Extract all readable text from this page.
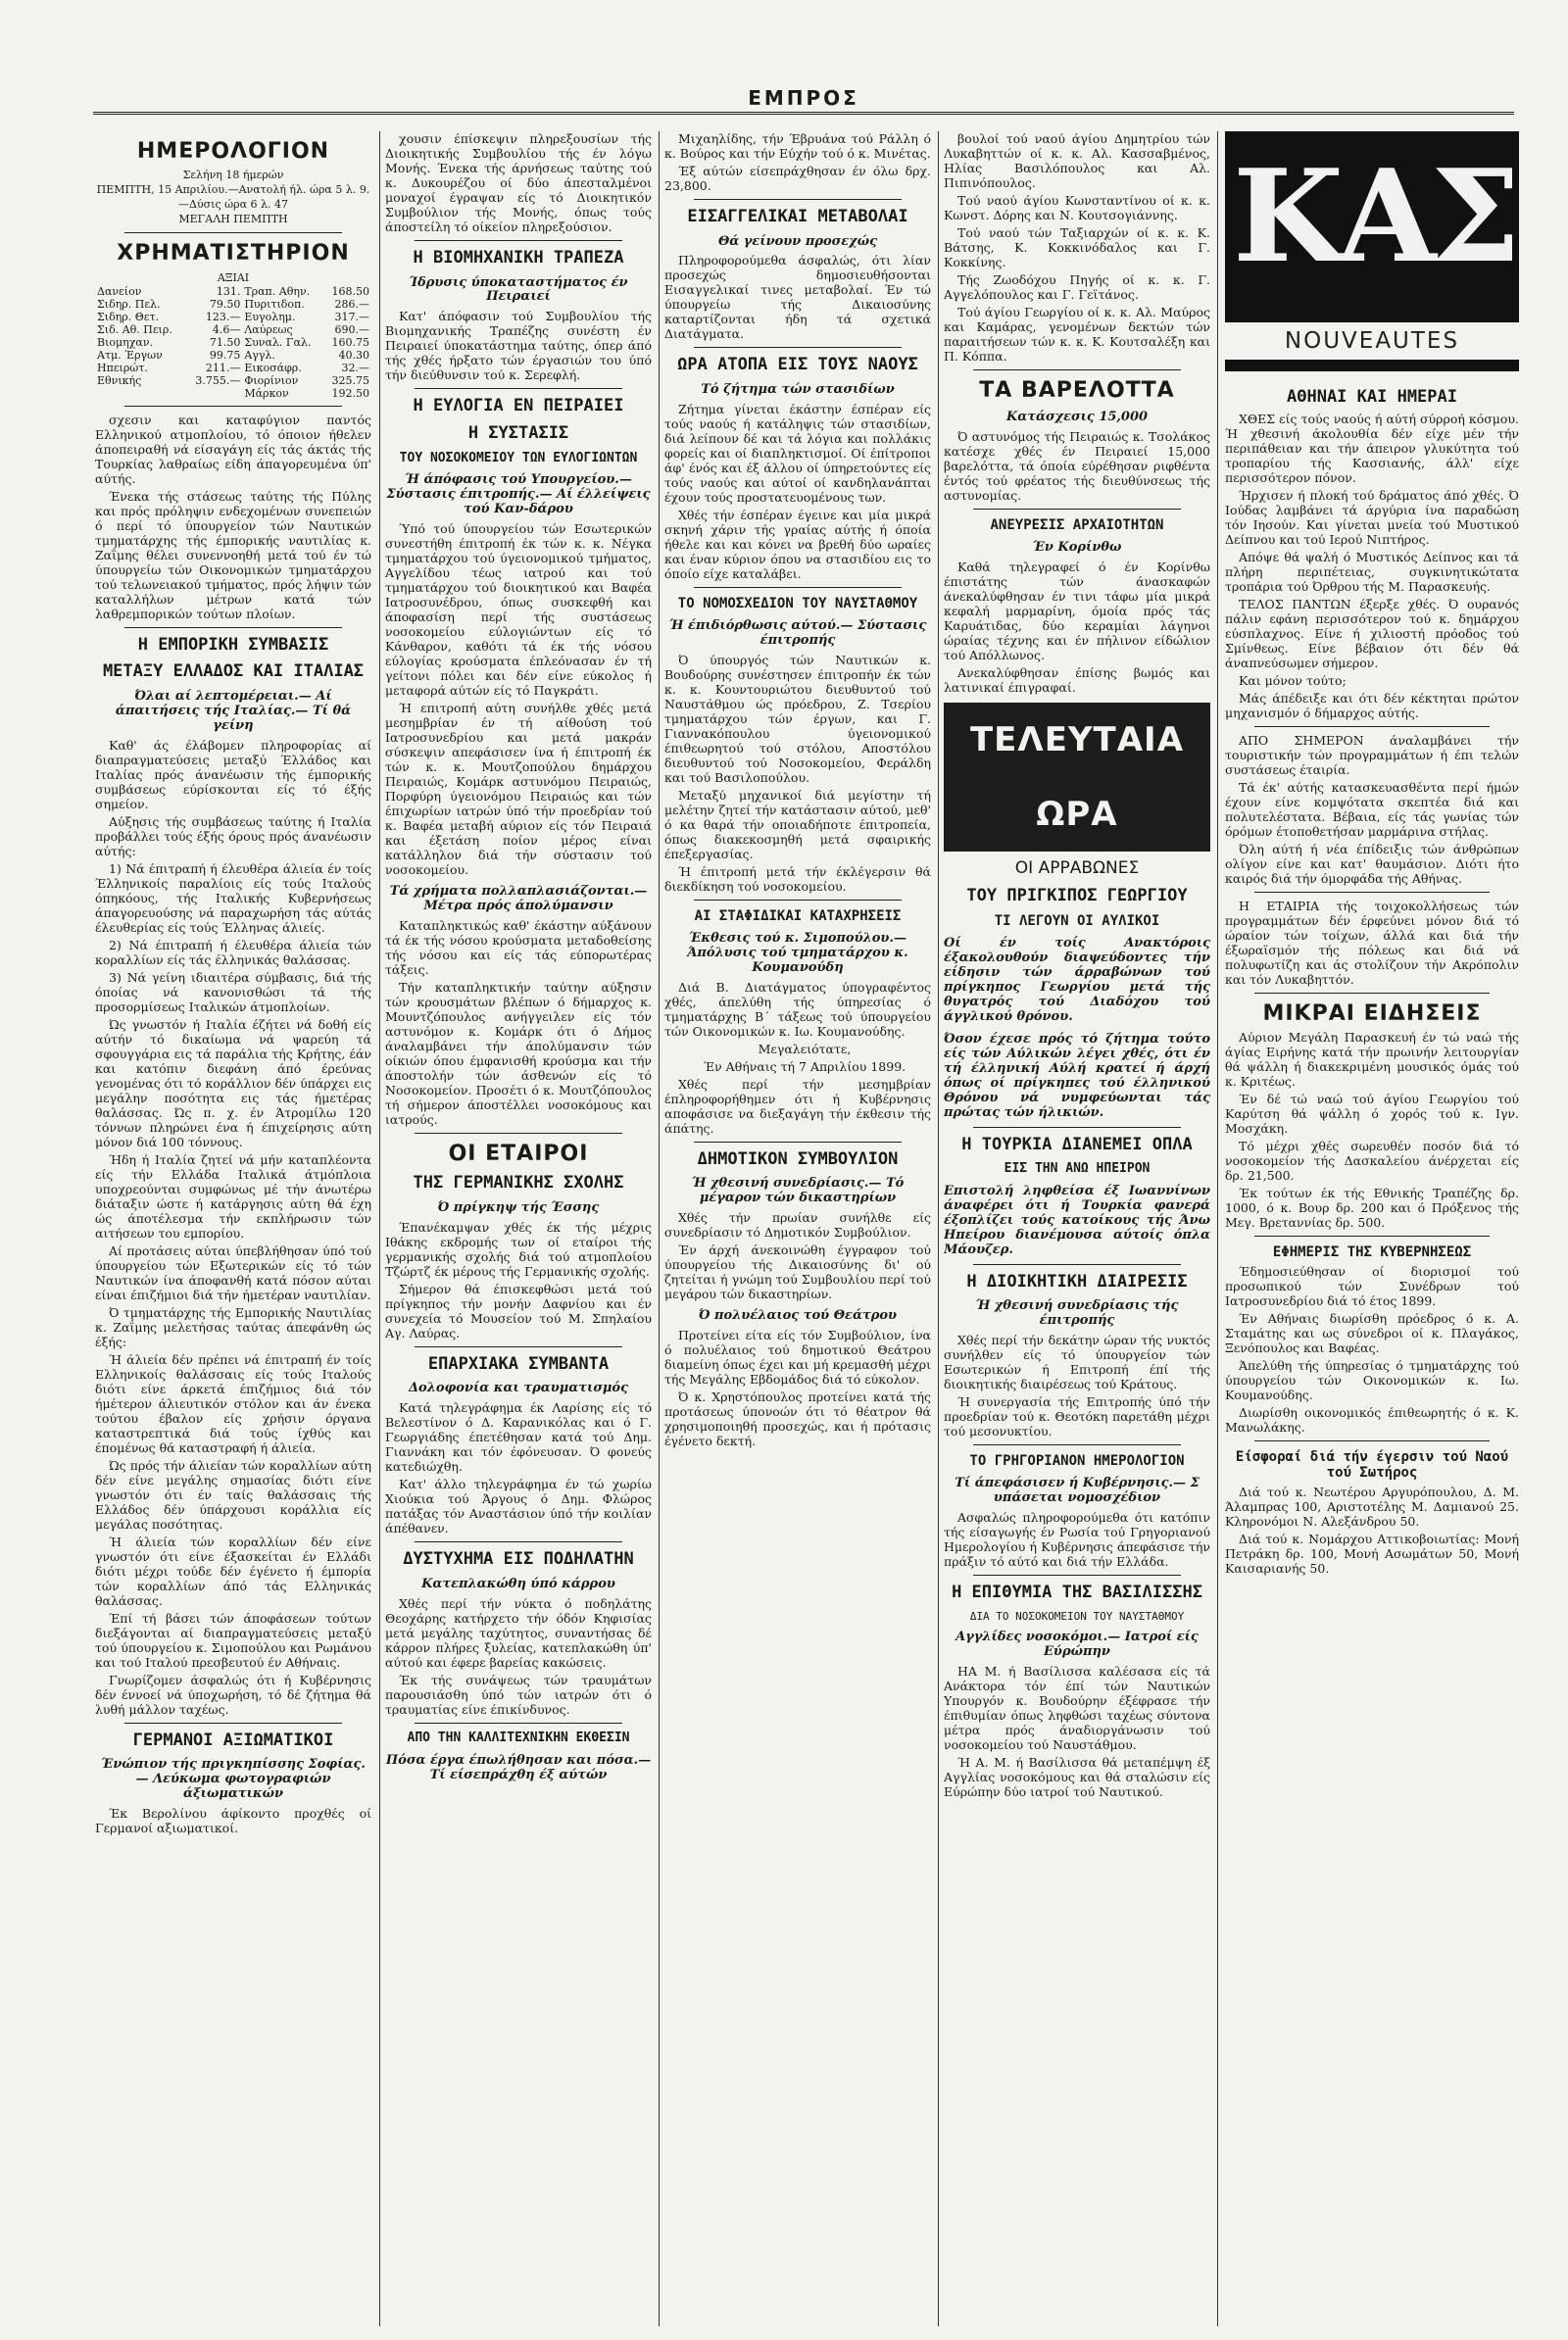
ΕΜΠΡΟΣ
ΗΜΕΡΟΛΟΓΙΟΝ
Σελήνη 18 ήμερών
ΠΕΜΠΤΗ, 15 Απριλίου.—Ανατολή ήλ. ώρα 5 λ. 9.—Δύσις ώρα 6 λ. 47
ΜΕΓΑΛΗ ΠΕΜΠΤΗ
ΧΡΗΜΑΤΙΣΤΗΡΙΟΝ
ΑΞΙΑΙ
Δανείον	131.	Τραπ. Αθην.	168.50
Σιδηρ. Πελ.	79.50	Πυριτιδοπ.	286.—
Σιδηρ. Θετ.	123.—	Ευγολημ.	317.—
Σιδ. Αθ. Πειρ.	4.6—	Λαύρεως	690.—
Βιομηχαν.	71.50	Συναλ. Γαλ.	160.75
Ατμ. Έργων	99.75	Αγγλ.	40.30
Ηπειρώτ.	211.—	Εικοσάφρ.	32.—
Εθνικής	3.755.—	Φιορίνιον	325.75
		Μάρκον	192.50

σχεσιν και καταφύγιον παντός Ελληνικού ατμοπλοίου, τό όποιον ήθελεν άποπειραθή νά είσαγάγη είς τάς άκτάς τής Τουρκίας λαθραίως είδη άπαγορευμένα ύπ' αύτής.

Ένεκα τής στάσεως ταύτης τής Πύλης και πρός πρόληψιν ενδεχομένων συνεπειών ό περί τό ύπουργείον τών Ναυτικών τμηματάρχης τής έμπορικής ναυτιλίας κ. Ζαΐμης θέλει συνεννοηθή μετά τού έν τώ ύπουργείω τών Οικονομικών τμηματάρχου τού τελωνειακού τμήματος, πρός λήψιν τών καταλλήλων μέτρων κατά τών λαθρεμπορικών τούτων πλοίων.

Η ΕΜΠΟΡΙΚΗ ΣΥΜΒΑΣΙΣ
ΜΕΤΑΞΥ ΕΛΛΑΔΟΣ ΚΑΙ ΙΤΑΛΙΑΣ
Όλαι αί λεπτομέρειαι.— Αί άπαιτήσεις τής Ιταλίας.— Τί θά γείνη

Καθ' άς έλάβομεν πληροφορίας αί διαπραγματεύσεις μεταξύ Έλλάδος και Ιταλίας πρός άνανέωσιν τής έμπορικής συμβάσεως εύρίσκονται είς τό έξής σημείον.

Αύξησις τής συμβάσεως ταύτης ή Ιταλία προβάλλει τούς έξής όρους πρός άνανέωσιν αύτής:

1) Νά έπιτραπή ή έλευθέρα άλιεία έν τοίς Έλληνικοίς παραλίοις είς τούς Ιταλούς όπηκόους, τής Ιταλικής Κυβερνήσεως άπαγορευούσης νά παραχωρήση τάς αύτάς έλευθερίας είς τούς Έλληνας άλιείς.

2) Νά έπιτραπή ή έλευθέρα άλιεία τών κοραλλίων είς τάς έλληνικάς θαλάσσας.

3) Νά γείνη ιδιαιτέρα σύμβασις, διά τής όποίας νά κανονισθώσι τά τής προσορμίσεως Ιταλικών άτμοπλοίων.

Ώς γνωστόν ή Ιταλία έζήτει νά δοθή είς αύτήν τό δικαίωμα νά ψαρεύη τά σφουγγάρια εις τά παράλια τής Κρήτης, έάν και κατόπιν διεφάνη άπό έρεύνας γενομένας ότι τό κοράλλιον δέν ύπάρχει εις μεγάλην ποσότητα εις τάς ήμετέρας θαλάσσας. Ώς π. χ. έν Άτρομίλω 120 τόννων πληρώνει ένα ή έπιχείρησις αύτη μόνον διά 100 τόννους.

Ήδη ή Ιταλία ζητεί νά μήν καταπλέοντα είς τήν Ελλάδα Ιταλικά άτμόπλοια υποχρεούνται συμφώνως μέ τήν άνωτέρω διάταξιν ώστε ή κατάργησις αύτη θά έχη ώς άποτέλεσμα τήν εκπλήρωσιν τών αιτήσεων του εμπορίου.

Αί προτάσεις αύται ύπεβλήθησαν ύπό τού ύπουργείου τών Εξωτερικών είς τό τών Ναυτικών ίνα άποφανθή κατά πόσον αύται είναι έπιζήμιοι διά τήν ήμετέραν ναυτιλίαν.

Ό τμηματάρχης τής Εμπορικής Ναυτιλίας κ. Ζαΐμης μελετήσας ταύτας άπεφάνθη ώς έξής:

Ή άλιεία δέν πρέπει νά έπιτραπή έν τοίς Ελληνικοίς θαλάσσαις είς τούς Ιταλούς διότι είνε άρκετά έπιζήμιος διά τόν ήμέτερον άλιευτικόν στόλον και άν ένεκα τούτου έβαλον είς χρήσιν όργανα καταστρεπτικά διά τούς ίχθύς και έπομένως θά καταστραφή ή άλιεία.

Ώς πρός τήν άλιείαν τών κοραλλίων αύτη δέν είνε μεγάλης σημασίας διότι είνε γνωστόν ότι έν ταίς θαλάσσαις τής Ελλάδος δέν ύπάρχουσι κοράλλια είς μεγάλας ποσότητας.

Ή άλιεία τών κοραλλίων δέν είνε γνωστόν ότι είνε έξασκείται έν Ελλάδι διότι μέχρι τούδε δέν έγένετο ή έμπορία τών κοραλλίων άπό τάς Ελληνικάς θαλάσσας.

Έπί τή βάσει τών άποφάσεων τούτων διεξάγονται αί διαπραγματεύσεις μεταξύ τού ύπουργείου κ. Σιμοπούλου και Ρωμάνου και τού Ιταλού πρεσβευτού έν Αθήναις.

Γνωρίζομεν άσφαλώς ότι ή Κυβέρνησις δέν έννοεί νά ύποχωρήση, τό δέ ζήτημα θά λυθή μάλλον ταχέως.

ΓΕΡΜΑΝΟΙ ΑΞΙΩΜΑΤΙΚΟΙ
Ένώπιον τής πριγκηπίσσης Σοφίας.— Λεύκωμα φωτογραφιών άξιωματικών

Έκ Βερολίνου άφίκοντο προχθές οί Γερμανοί αξιωματικοί.

χουσιν έπίσκεψιν πληρεξουσίων τής Διοικητικής Συμβουλίου τής έν λόγω Μονής. Ένεκα τής άρνήσεως ταύτης τού κ. Δυκουρέζου οί δύο άπεσταλμένοι μοναχοί έγραψαν είς τό Διοικητικόν Συμβούλιον τής Μονής, όπως τούς άποστείλη τό οίκείον πληρεξούσιον.

Η ΒΙΟΜΗΧΑΝΙΚΗ ΤΡΑΠΕΖΑ
Ίδρυσις ύποκαταστήματος έν Πειραιεί

Κατ' άπόφασιν τού Συμβουλίου τής Βιομηχανικής Τραπέζης συνέστη έν Πειραιεί ύποκατάστημα ταύτης, όπερ άπό τής χθές ήρξατο τών έργασιών του ύπό τήν διεύθυνσιν τού κ. Σερεφλή.

Η ΕΥΛΟΓΙΑ ΕΝ ΠΕΙΡΑΙΕΙ
Η ΣΥΣΤΑΣΙΣ
ΤΟΥ ΝΟΣΟΚΟΜΕΙΟΥ ΤΩΝ ΕΥΛΟΓΙΩΝΤΩΝ
Ή άπόφασις τού Υπουργείου.— Σύστασις έπιτροπής.— Αί έλλείψεις τού Καν-δάρου

Ύπό τού ύπουργείου τών Εσωτερικών συνεστήθη έπιτροπή έκ τών κ. κ. Νέγκα τμηματάρχου τού ύγειονομικού τμήματος, Αγγελίδου τέως ιατρού και τού τμηματάρχου τού διοικητικού και Βαφέα Ιατροσυνέδρου, όπως συσκεφθή και άποφασίση περί τής συστάσεως νοσοκομείου εύλογιώντων είς τό Κάνθαρον, καθότι τά έκ τής νόσου εύλογίας κρούσματα έπλεόνασαν έν τή γείτονι πόλει και δέν είνε εύκολος ή μεταφορά αύτών είς τό Παγκράτι.

Ή επιτροπή αύτη συνήλθε χθές μετά μεσημβρίαν έν τή αίθούση τού Ιατροσυνεδρίου και μετά μακράν σύσκεψιν απεφάσισεν ίνα ή έπιτροπή έκ τών κ. κ. Μουτζοπούλου δημάρχου Πειραιώς, Κομάρκ αστυνόμου Πειραιώς, Πορφύρη ύγειονόμου Πειραιώς και τών έπιχωρίων ιατρών ύπό τήν προεδρίαν τού κ. Βαφέα μεταβή αύριον είς τόν Πειραιά και έξετάση ποίον μέρος είναι κατάλληλον διά τήν σύστασιν τού νοσοκομείου.

Τά χρήματα πολλαπλασιάζονται.— Μέτρα πρός άπολύμανσιν

Καταπληκτικώς καθ' έκάστην αύξάνουν τά έκ τής νόσου κρούσματα μεταδοθείσης τής νόσου και είς τάς εύπορωτέρας τάξεις.

Τήν καταπληκτικήν ταύτην αύξησιν τών κρουσμάτων βλέπων ό δήμαρχος κ. Μουντζόπουλος ανήγγειλεν είς τόν αστυνόμον κ. Κομάρκ ότι ό Δήμος άναλαμβάνει τήν άπολύμανσιν τών οίκιών όπου έμφανισθή κρούσμα και τήν άποστολήν τών άσθενών είς τό Νοσοκομείον. Προσέτι ό κ. Μουτζόπουλος τή σήμερον άποστέλλει νοσοκόμους και ιατρούς.

ΟΙ ΕΤΑΙΡΟΙ
ΤΗΣ ΓΕΡΜΑΝΙΚΗΣ ΣΧΟΛΗΣ
Ό πρίγκηψ τής Έσσης

Έπανέκαμψαν χθές έκ τής μέχρις Ιθάκης εκδρομής των οί εταίροι τής γερμανικής σχολής διά τού ατμοπλοίου Τζώρτζ έκ μέρους τής Γερμανικής σχολής.

Σήμερον θά έπισκεφθώσι μετά τού πρίγκηπος τήν μονήν Δαφνίου και έν συνεχεία τό Μουσείον τού Μ. Σπηλαίου Αγ. Λαύρας.

ΕΠΑΡΧΙΑΚΑ ΣΥΜΒΑΝΤΑ
Δολοφονία και τραυματισμός

Κατά τηλεγράφημα έκ Λαρίσης είς τό Βελεστίνον ό Δ. Καρανικόλας και ό Γ. Γεωργιάδης έπετέθησαν κατά τού Δημ. Γιαννάκη και τόν έφόνευσαν. Ό φονεύς κατεδιώχθη.

Κατ' άλλο τηλεγράφημα έν τώ χωρίω Χιούκια τού Άργους ό Δημ. Φλώρος πατάξας τόν Αναστάσιον ύπό τήν κοιλίαν άπέθανεν.

ΔΥΣΤΥΧΗΜΑ ΕΙΣ ΠΟΔΗΛΑΤΗΝ
Κατεπλακώθη ύπό κάρρου

Χθές περί τήν νύκτα ό ποδηλάτης Θεοχάρης κατήρχετο τήν όδόν Κηφισίας μετά μεγάλης ταχύτητος, συναντήσας δέ κάρρον πλήρες ξυλείας, κατεπλακώθη ύπ' αύτού και έφερε βαρείας κακώσεις.

Έκ τής συνάψεως τών τραυμάτων παρουσιάσθη ύπό τών ιατρών ότι ό τραυματίας είνε έπικίνδυνος.

ΑΠΟ ΤΗΝ ΚΑΛΛΙΤΕΧΝΙΚΗΝ ΕΚΘΕΣΙΝ
Πόσα έργα έπωλήθησαν και πόσα.— Τί είσεπράχθη έξ αύτών

Μιχαηλίδης, τήν Έβρυάνα τού Ράλλη ό κ. Βούρος και τήν Εύχήν τού ό κ. Μινέτας.

Έξ αύτών είσεπράχθησαν έν όλω δρχ. 23,800.

ΕΙΣΑΓΓΕΛΙΚΑΙ ΜΕΤΑΒΟΛΑΙ
Θά γείνουν προσεχώς

Πληροφορούμεθα άσφαλώς, ότι λίαν προσεχώς δημοσιευθήσονται Εισαγγελικαί τινες μεταβολαί. Έν τώ ύπουργείω τής Δικαιοσύνης καταρτίζονται ήδη τά σχετικά Διατάγματα.

ΩΡΑ ΑΤΟΠΑ ΕΙΣ ΤΟΥΣ ΝΑΟΥΣ
Τό ζήτημα τών στασιδίων

Ζήτημα γίνεται έκάστην έσπέραν είς τούς ναούς ή κατάληψις τών στασιδίων, διά λείπουν δέ και τά λόγια και πολλάκις φορείς και οί διαπληκτισμοί. Οί έπίτροποι άφ' ένός και έξ άλλου οί ύπηρετούντες είς τούς ναούς και αύτοί οί κανδηλανάπται έχουν τούς προστατευομένους των.

Χθές τήν έσπέραν έγεινε και μία μικρά σκηνή χάριν τής γραίας αύτής ή όποία ήθελε και και κόνει να βρεθή δύο ωραίες και έναν κύριον όπου να στασιδίου εις το όποίο είχε καταλάβει.

ΤΟ ΝΟΜΟΣΧΕΔΙΟΝ ΤΟΥ ΝΑΥΣΤΑΘΜΟΥ
Ή έπιδιόρθωσις αύτού.— Σύστασις έπιτροπής

Ό ύπουργός τών Ναυτικών κ. Βουδούρης συνέστησεν έπιτροπήν έκ τών κ. κ. Κουντουριώτου διευθυντού τού Ναυστάθμου ώς πρόεδρου, Ζ. Τσερίου τμηματάρχου τών έργων, και Γ. Γιαννακόπουλου ύγειονομικού έπιθεωρητού τού στόλου, Αποστόλου διευθυντού τού Νοσοκομείου, Φεράλδη και τού Βασιλοπούλου.

Μεταξύ μηχανικοί διά μεγίστην τή μελέτην ζητεί τήν κατάστασιν αύτού, μεθ' ό κα θαρά τήν οποιαδήποτε έπιτροπεία, όπως διακεκοσμηθή μετά σφαιρικής έπεξεργασίας.

Ή έπιτροπή μετά τήν έκλέγερσιν θά διεκδίκηση τού νοσοκομείου.

ΑΙ ΣΤΑΦΙΔΙΚΑΙ ΚΑΤΑΧΡΗΣΕΙΣ
Έκθεσις τού κ. Σιμοπούλου.— Άπόλυσις τού τμηματάρχου κ. Κουμανούδη

Διά Β. Διατάγματος ύπογραφέντος χθές, άπελύθη τής ύπηρεσίας ό τμηματάρχης Β΄ τάξεως τού ύπουργείου τών Οικονομικών κ. Ιω. Κουμανούδης.

Μεγαλειότατε,

Έν Αθήναις τή 7 Απριλίου 1899.

Χθές περί τήν μεσημβρίαν έπληροφορήθημεν ότι ή Κυβέρνησις αποφάσισε να διεξαγάγη τήν έκθεσιν τής άπάτης.

ΔΗΜΟΤΙΚΟΝ ΣΥΜΒΟΥΛΙΟΝ
Ή χθεσινή συνεδρίασις.— Τό μέγαρον τών δικαστηρίων

Χθές τήν πρωίαν συνήλθε είς συνεδρίασιν τό Δημοτικόν Συμβούλιον.

Έν άρχή άνεκοινώθη έγγραφον τού ύπουργείου τής Δικαιοσύνης δι' ού ζητείται ή γνώμη τού Συμβουλίου περί τού μεγάρου τών δικαστηρίων.

Ό πολυέλαιος τού Θεάτρου

Προτείνει είτα είς τόν Συμβούλιον, ίνα ό πολυέλαιος τού δημοτικού Θεάτρου διαμείνη όπως έχει και μή κρεμασθή μέχρι τής Μεγάλης Εβδομάδος διά τό εύκολον.

Ό κ. Χρηστόπουλος προτείνει κατά τής προτάσεως ύπονοών ότι τό θέατρον θά χρησιμοποιηθή προσεχώς, και ή πρότασις έγένετο δεκτή.

βουλοί τού ναού άγίου Δημητρίου τών Λυκαβηττών οί κ. κ. Αλ. Κασσαβμένος, Ηλίας Βασιλόπουλος και Αλ. Πιπινόπουλος.

Τού ναού άγίου Κωνσταντίνου οί κ. κ. Κωνστ. Δόρης και Ν. Κουτσογιάννης.

Τού ναού τών Ταξιαρχών οί κ. κ. Κ. Βάτσης, Κ. Κοκκινόδαλος και Γ. Κοκκίνης.

Τής Ζωοδόχου Πηγής οί κ. κ. Γ. Αγγελόπουλος και Γ. Γεϊτάνος.

Τού άγίου Γεωργίου οί κ. κ. Αλ. Μαύρος και Καμάρας, γενομένων δεκτών τών παραιτήσεων τών κ. κ. Κ. Κουτσαλέξη και Π. Κόππα.

ΤΑ ΒΑΡΕΛΟΤΤΑ
Κατάσχεσις 15,000

Ό αστυνόμος τής Πειραιώς κ. Τσολάκος κατέσχε χθές έν Πειραιεί 15,000 βαρελόττα, τά όποία εύρέθησαν ριφθέντα έντός τού φρέατος τής διευθύνσεως τής αστυνομίας.

ΑΝΕΥΡΕΣΙΣ ΑΡΧΑΙΟΤΗΤΩΝ
Έν Κορίνθω

Καθά τηλεγραφεί ό έν Κορίνθω έπιστάτης τών άνασκαφών άνεκαλύφθησαν έν τινι τάφω μία μικρά κεφαλή μαρμαρίνη, όμοία πρός τάς Καρυάτιδας, δύο κεραμίαι λάγηνοι ώραίας τέχνης και έν πήλινον είδώλιον τού Απόλλωνος.

Ανεκαλύφθησαν έπίσης βωμός και λατινικαί έπιγραφαί.

ΤΕΛΕΥΤΑΙΑ ΩΡΑ
ΟΙ ΑΡΡΑΒΩΝΕΣ
ΤΟΥ ΠΡΙΓΚΙΠΟΣ ΓΕΩΡΓΙΟΥ
ΤΙ ΛΕΓΟΥΝ ΟΙ ΑΥΛΙΚΟΙ
Οί έν τοίς Ανακτόροις έξακολουθούν διαψεύδοντες τήν είδησιν τών άρραβώνων τού πρίγκηπος Γεωργίου μετά τής θυγατρός τού Διαδόχου τού άγγλικού θρόνου.
Όσον έχεσε πρός τό ζήτημα τούτο είς τών Αύλικών λέγει χθές, ότι έν τή έλληνική Αύλή κρατεί ή άρχή όπως οί πρίγκηπες τού έλληνικού Θρόνου νά νυμφεύωνται τάς πρώτας τών ήλικιών.
Η ΤΟΥΡΚΙΑ ΔΙΑΝΕΜΕΙ ΟΠΛΑ
ΕΙΣ ΤΗΝ ΑΝΩ ΗΠΕΙΡΟΝ
Επιστολή ληφθείσα έξ Ιωαννίνων άναφέρει ότι ή Τουρκία φανερά έξοπλίζει τούς κατοίκους τής Άνω Ηπείρου διανέμουσα αύτοίς όπλα Μάουζερ.
Η ΔΙΟΙΚΗΤΙΚΗ ΔΙΑΙΡΕΣΙΣ
Ή χθεσινή συνεδρίασις τής έπιτροπής

Χθές περί τήν δεκάτην ώραν τής νυκτός συνήλθεν είς τό ύπουργείον τών Εσωτερικών ή Επιτροπή έπί τής διοικητικής διαιρέσεως τού Κράτους.

Ή συνεργασία τής Επιτροπής ύπό τήν προεδρίαν τού κ. Θεοτόκη παρετάθη μέχρι τού μεσονυκτίου.

ΤΟ ΓΡΗΓΟΡΙΑΝΟΝ ΗΜΕΡΟΛΟΓΙΟΝ
Τί άπεφάσισεν ή Κυβέρνησις.— Σ υπάσεται νομοσχέδιον

Ασφαλώς πληροφορούμεθα ότι κατόπιν τής είσαγωγής έν Ρωσία τού Γρηγοριανού Ημερολογίου ή Κυβέρνησις άπεφάσισε τήν πράξιν τό αύτό και διά τήν Ελλάδα.

Η ΕΠΙΘΥΜΙΑ ΤΗΣ ΒΑΣΙΛΙΣΣΗΣ
ΔΙΑ ΤΟ ΝΟΣΟΚΟΜΕΙΟΝ ΤΟΥ ΝΑΥΣΤΑΘΜΟΥ
Αγγλίδες νοσοκόμοι.— Ιατροί είς Εύρώπην

ΗΑ Μ. ή Βασίλισσα καλέσασα είς τά Ανάκτορα τόν έπί τών Ναυτικών Υπουργόν κ. Βουδούρην έξέφρασε τήν έπιθυμίαν όπως ληφθώσι ταχέως σύντονα μέτρα πρός άναδιοργάνωσιν τού νοσοκομείου τού Ναυστάθμου.

Ή Α. Μ. ή Βασίλισσα θά μεταπέμψη έξ Αγγλίας νοσοκόμους και θά σταλώσιν είς Εύρώπην δύο ιατροί τού Ναυτικού.

ΚΑΣ
NOUVEAUTES
ΑΘΗΝΑΙ ΚΑΙ ΗΜΕΡΑΙ

ΧΘΕΣ είς τούς ναούς ή αύτή σύρροή κόσμου. Ή χθεσινή άκολουθία δέν είχε μέν τήν περιπάθειαν και τήν άπειρον γλυκύτητα τού τροπαρίου τής Κασσιανής, άλλ' είχε περισσότερον πόνον.

Ήρχισεν ή πλοκή τού δράματος άπό χθές. Ό Ιούδας λαμβάνει τά άργύρια ίνα παραδώση τόν Ιησούν. Και γίνεται μνεία τού Μυστικού Δείπνου και τού Ιερού Νιπτήρος.

Απόψε θά ψαλή ό Μυστικός Δείπνος και τά πλήρη περιπέτειας, συγκινητικώτατα τροπάρια τού Όρθρου τής Μ. Παρασκευής.

ΤΕΛΟΣ ΠΑΝΤΩΝ έξερξε χθές. Ό ουρανός πάλιν εφάνη περισσότερον τού κ. δημάρχου εύσπλαχνος. Είνε ή χιλιοστή πρόοδος τού Σμίνθεως. Είνε βέβαιον ότι δέν θά άναπνεύσωμεν σήμερον.

Και μόνον τούτο;

Μάς άπέδειξε και ότι δέν κέκτηται πρώτον μηχανισμόν ό δήμαρχος αύτής.

ΑΠΟ ΣΗΜΕΡΟΝ άναλαμβάνει τήν τουριστικήν τών προγραμμάτων ή έπι τελών συστάσεως έταιρία.

Τά έκ' αύτής κατασκευασθέντα περί ήμών έχουν είνε κομψότατα σκεπτέα διά και πολυτελέστατα. Βέβαια, είς τάς γωνίας τών όρόμων έτοποθετήσαν μαρμάρινα στήλας.

Όλη αύτή ή νέα έπίδειξις τών άνθρώπων ολίγον είνε και κατ' θαυμάσιον. Διότι ήτο καιρός διά τήν όμορφάδα τής Αθήνας.

Η ΕΤΑΙΡΙΑ τής τοιχοκολλήσεως τών προγραμμάτων δέν έρφεύνει μόνον διά τό ώραίον τών τοίχων, άλλά και διά τήν έξωραϊσμόν τής πόλεως και διά νά πολυφωτίζη και άς στολίζουν τήν Ακρόπολιν και τόν Λυκαβηττόν.

ΜΙΚΡΑΙ ΕΙΔΗΣΕΙΣ

Αύριον Μεγάλη Παρασκευή έν τώ ναώ τής άγίας Ειρήνης κατά τήν πρωινήν λειτουργίαν θά ψάλλη ή διακεκριμένη μουσικός όμάς τού κ. Κριτέως.

Έν δέ τώ ναώ τού άγίου Γεωργίου τού Καρύτση θά ψάλλη ό χορός τού κ. Ιγν. Μοσχάκη.

Τό μέχρι χθές σωρευθέν ποσόν διά τό νοσοκομείον τής Δασκαλείου άνέρχεται είς δρ. 21,500.

Έκ τούτων έκ τής Εθνικής Τραπέζης δρ. 1000, ό κ. Βουρ δρ. 200 και ό Πρόξενος τής Μεγ. Βρεταννίας δρ. 500.

ΕΦΗΜΕΡΙΣ ΤΗΣ ΚΥΒΕΡΝΗΣΕΩΣ

Έδημοσιεύθησαν οί διορισμοί τού προσωπικού τών Συνέδρων τού Ιατροσυνεδρίου διά τό έτος 1899.

Έν Αθήναις διωρίσθη πρόεδρος ό κ. Α. Σταμάτης και ως σύνεδροι οί κ. Πλαγάκος, Ξενόπουλος και Βαφέας.

Άπελύθη τής ύπηρεσίας ό τμηματάρχης τού ύπουργείου τών Οικονομικών κ. Ιω. Κουμανούδης.

Διωρίσθη οικονομικός έπιθεωρητής ό κ. Κ. Μανωλάκης.

Είσφοραί διά τήν έγερσιν τού Ναού τού Σωτήρος

Διά τού κ. Νεωτέρου Αργυρόπουλου, Δ. Μ. Άλαμπρας 100, Αριστοτέλης Μ. Δαμιανού 25. Κληρονόμοι Ν. Αλεξάνδρου 50.

Διά τού κ. Νομάρχου Αττικοβοιωτίας: Μονή Πετράκη δρ. 100, Μονή Ασωμάτων 50, Μονή Καισαριανής 50.
